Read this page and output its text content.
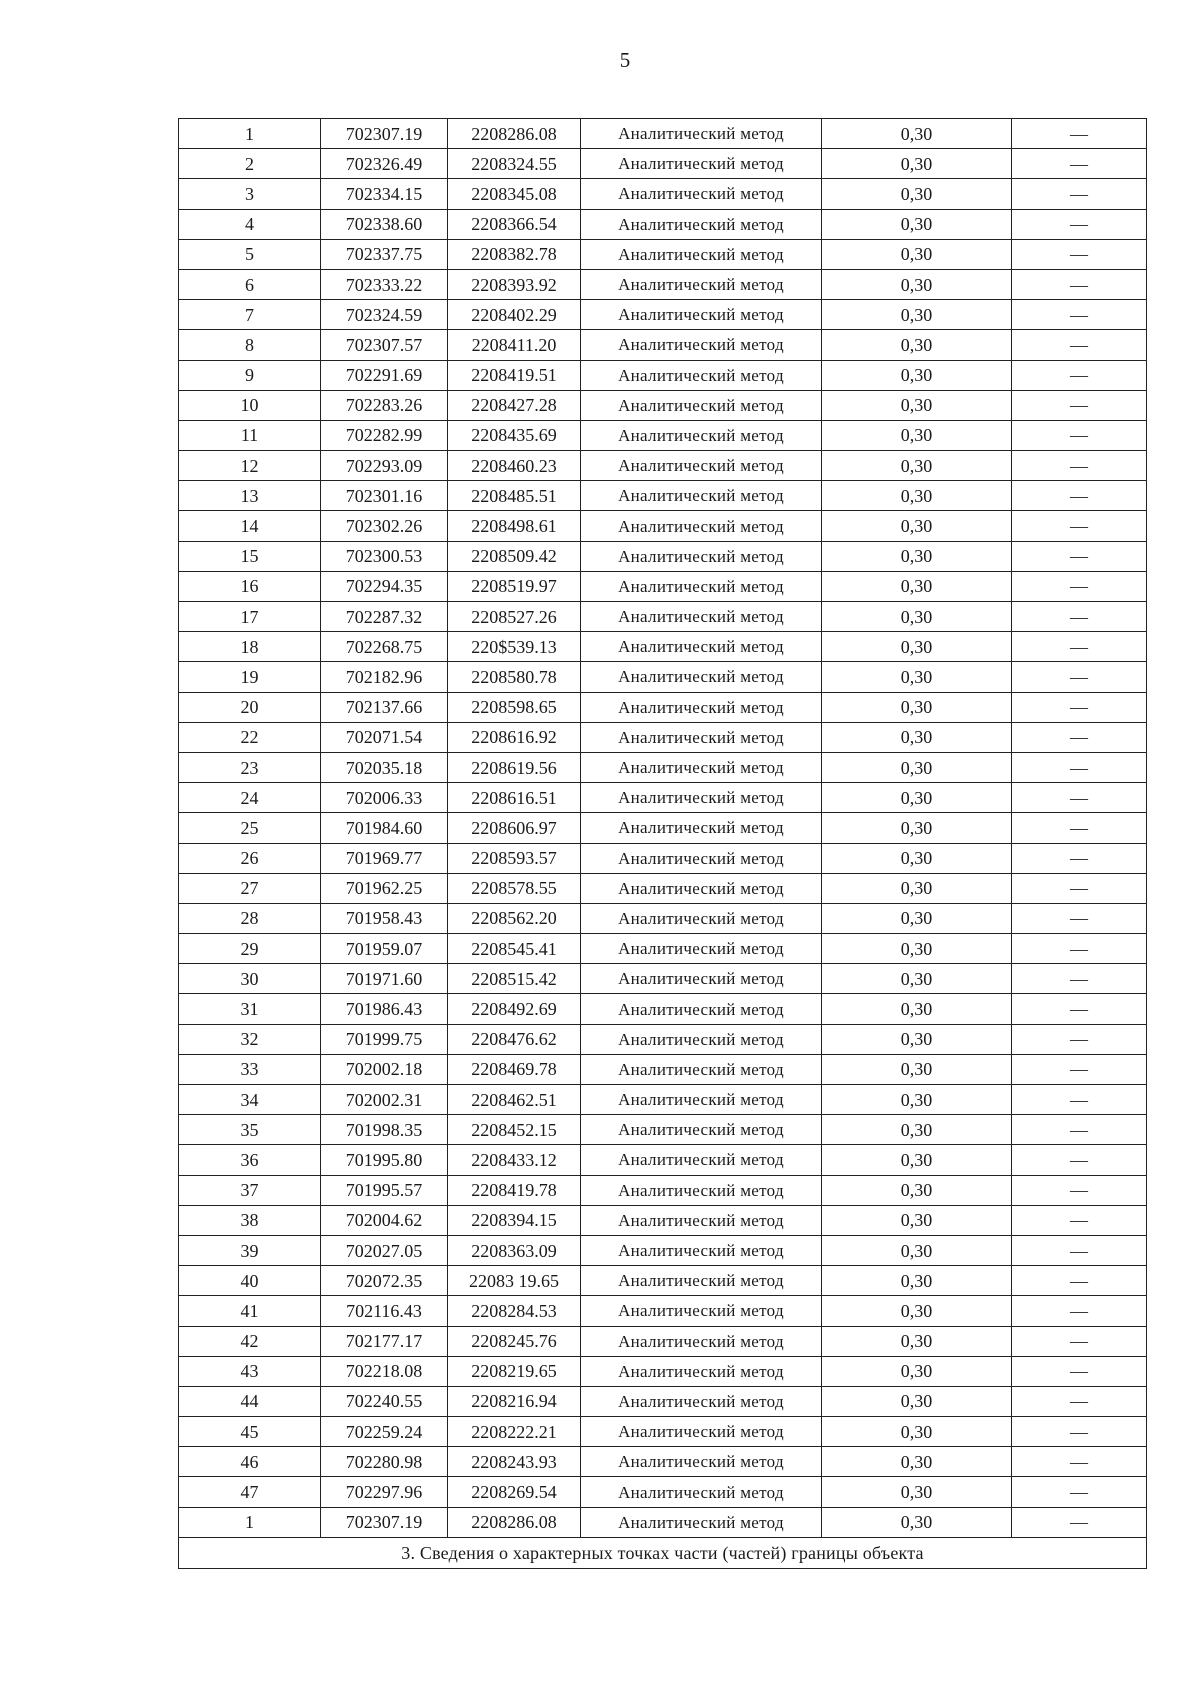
5
1	702307.19	2208286.08	Аналитический метод	0,30	—
2	702326.49	2208324.55	Аналитический метод	0,30	—
3	702334.15	2208345.08	Аналитический метод	0,30	—
4	702338.60	2208366.54	Аналитический метод	0,30	—
5	702337.75	2208382.78	Аналитический метод	0,30	—
6	702333.22	2208393.92	Аналитический метод	0,30	—
7	702324.59	2208402.29	Аналитический метод	0,30	—
8	702307.57	2208411.20	Аналитический метод	0,30	—
9	702291.69	2208419.51	Аналитический метод	0,30	—
10	702283.26	2208427.28	Аналитический метод	0,30	—
11	702282.99	2208435.69	Аналитический метод	0,30	—
12	702293.09	2208460.23	Аналитический метод	0,30	—
13	702301.16	2208485.51	Аналитический метод	0,30	—
14	702302.26	2208498.61	Аналитический метод	0,30	—
15	702300.53	2208509.42	Аналитический метод	0,30	—
16	702294.35	2208519.97	Аналитический метод	0,30	—
17	702287.32	2208527.26	Аналитический метод	0,30	—
18	702268.75	220$539.13	Аналитический метод	0,30	—
19	702182.96	2208580.78	Аналитический метод	0,30	—
20	702137.66	2208598.65	Аналитический метод	0,30	—
22	702071.54	2208616.92	Аналитический метод	0,30	—
23	702035.18	2208619.56	Аналитический метод	0,30	—
24	702006.33	2208616.51	Аналитический метод	0,30	—
25	701984.60	2208606.97	Аналитический метод	0,30	—
26	701969.77	2208593.57	Аналитический метод	0,30	—
27	701962.25	2208578.55	Аналитический метод	0,30	—
28	701958.43	2208562.20	Аналитический метод	0,30	—
29	701959.07	2208545.41	Аналитический метод	0,30	—
30	701971.60	2208515.42	Аналитический метод	0,30	—
31	701986.43	2208492.69	Аналитический метод	0,30	—
32	701999.75	2208476.62	Аналитический метод	0,30	—
33	702002.18	2208469.78	Аналитический метод	0,30	—
34	702002.31	2208462.51	Аналитический метод	0,30	—
35	701998.35	2208452.15	Аналитический метод	0,30	—
36	701995.80	2208433.12	Аналитический метод	0,30	—
37	701995.57	2208419.78	Аналитический метод	0,30	—
38	702004.62	2208394.15	Аналитический метод	0,30	—
39	702027.05	2208363.09	Аналитический метод	0,30	—
40	702072.35	22083 19.65	Аналитический метод	0,30	—
41	702116.43	2208284.53	Аналитический метод	0,30	—
42	702177.17	2208245.76	Аналитический метод	0,30	—
43	702218.08	2208219.65	Аналитический метод	0,30	—
44	702240.55	2208216.94	Аналитический метод	0,30	—
45	702259.24	2208222.21	Аналитический метод	0,30	—
46	702280.98	2208243.93	Аналитический метод	0,30	—
47	702297.96	2208269.54	Аналитический метод	0,30	—
1	702307.19	2208286.08	Аналитический метод	0,30	—
3. Сведения о характерных точках части (частей) границы объекта					
